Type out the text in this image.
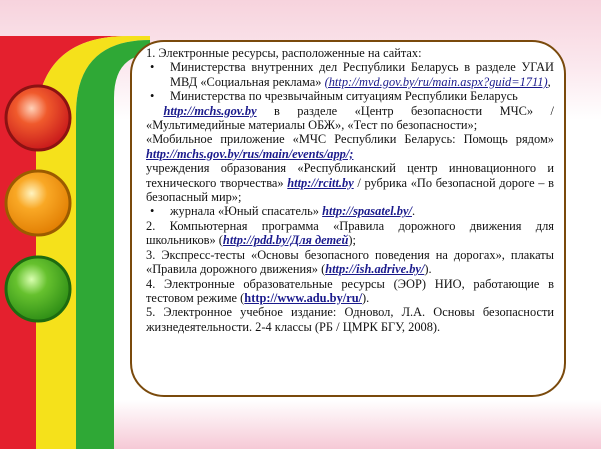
1. Электронные ресурсы, расположенные на сайтах:

• Министерства внутренних дел Республики Беларусь в разделе УГАИ МВД «Социальная реклама» (http://mvd.gov.by/ru/main.aspx?guid=1711),

• Министерства по чрезвычайным ситуациям Республики Беларусь

http://mchs.gov.by в разделе «Центр безопасности МЧС» / «Мультимедийные материалы ОБЖ», «Тест по безопасности»;

«Мобильное приложение «МЧС Республики Беларусь: Помощь рядом» http://mchs.gov.by/rus/main/events/app/;

учреждения образования «Республиканский центр инновационного и технического творчества» http://rcitt.by / рубрика «По безопасной дороге – в безопасный мир»;

• журнала «Юный спасатель» http://spasatel.by/.

2. Компьютерная программа «Правила дорожного движения для школьников» (http://pdd.by/Для детей);

3. Экспресс-тесты «Основы безопасного поведения на дорогах», плакаты «Правила дорожного движения» (http://ish.adrive.by/).

4. Электронные образовательные ресурсы (ЭОР) НИО, работающие в тестовом режиме (http://www.adu.by/ru/).

5. Электронное учебное издание: Одновол, Л.А. Основы безопасности жизнедеятельности. 2-4 классы (РБ / ЦМРК БГУ, 2008).
